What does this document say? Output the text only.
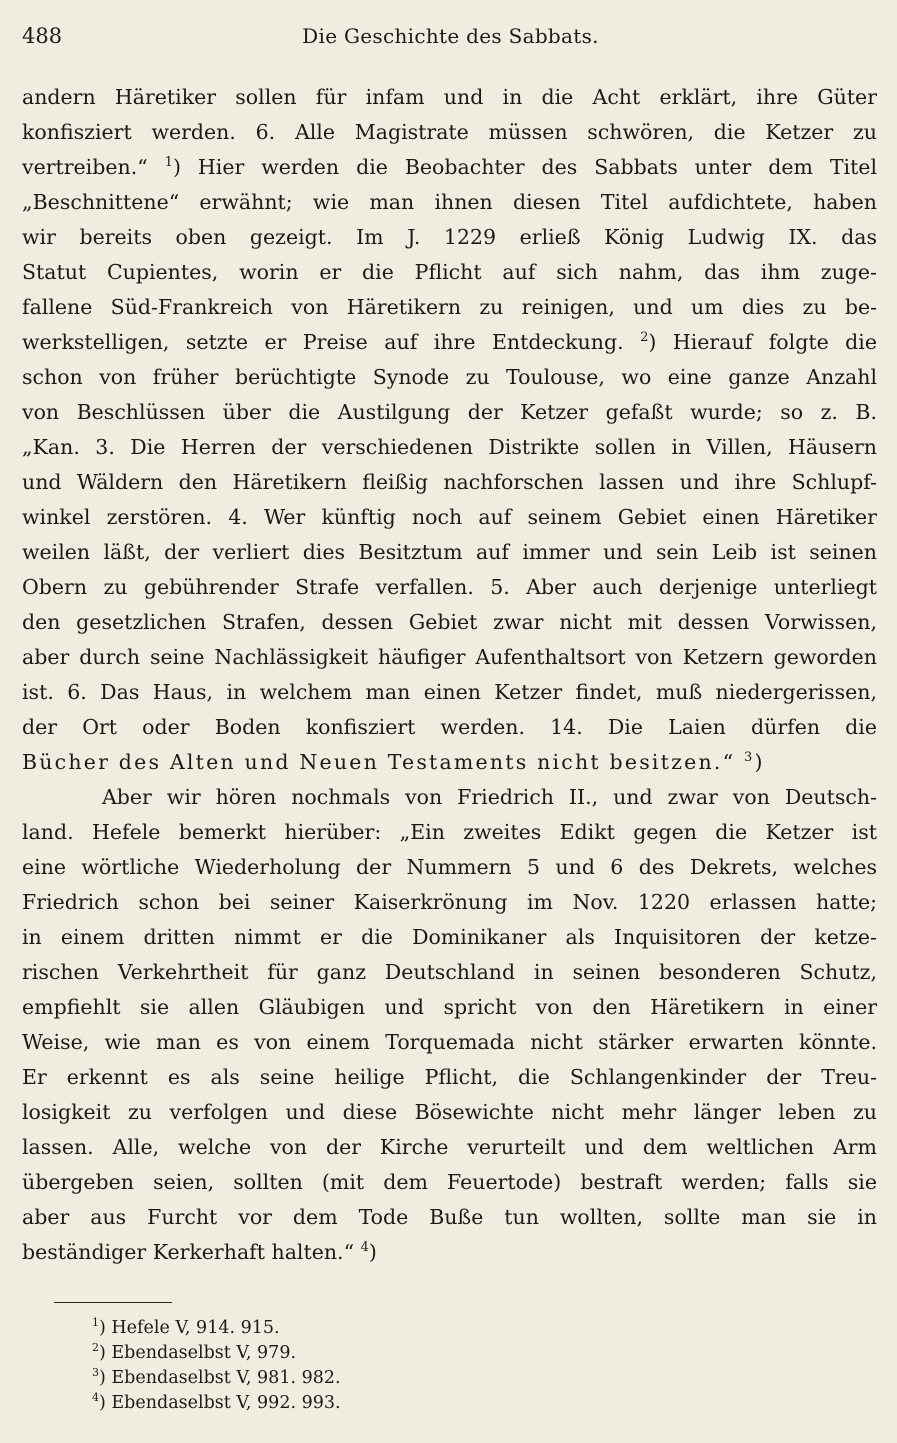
488	Die Geschichte des Sabbats.
andern Häretiker sollen für infam und in die Acht erklärt, ihre Güter
konfisziert werden. 6. Alle Magistrate müssen schwören, die Ketzer zu
vertreiben.“ $^1$) Hier werden die Beobachter des Sabbats unter dem Titel
„Beschnittene“ erwähnt; wie man ihnen diesen Titel aufdichtete, haben
wir bereits oben gezeigt. Im J. 1229 erließ König Ludwig IX. das
Statut Cupientes, worin er die Pflicht auf sich nahm, das ihm zuge-
fallene Süd-Frankreich von Häretikern zu reinigen, und um dies zu be-
werkstelligen, setzte er Preise auf ihre Entdeckung. $^2$) Hierauf folgte die
schon von früher berüchtigte Synode zu Toulouse, wo eine ganze Anzahl
von Beschlüssen über die Austilgung der Ketzer gefaßt wurde; so z. B.
„Kan. 3. Die Herren der verschiedenen Distrikte sollen in Villen, Häusern
und Wäldern den Häretikern fleißig nachforschen lassen und ihre Schlupf-
winkel zerstören. 4. Wer künftig noch auf seinem Gebiet einen Häretiker
weilen läßt, der verliert dies Besitztum auf immer und sein Leib ist seinen
Obern zu gebührender Strafe verfallen. 5. Aber auch derjenige unterliegt
den gesetzlichen Strafen, dessen Gebiet zwar nicht mit dessen Vorwissen,
aber durch seine Nachlässigkeit häufiger Aufenthaltsort von Ketzern geworden
ist. 6. Das Haus, in welchem man einen Ketzer findet, muß niedergerissen,
der Ort oder Boden konfisziert werden. 14. Die Laien dürfen die
Bücher des Alten und Neuen Testaments nicht besitzen.“ $^3$)
Aber wir hören nochmals von Friedrich II., und zwar von Deutsch-
land. Hefele bemerkt hierüber: „Ein zweites Edikt gegen die Ketzer ist
eine wörtliche Wiederholung der Nummern 5 und 6 des Dekrets, welches
Friedrich schon bei seiner Kaiserkrönung im Nov. 1220 erlassen hatte;
in einem dritten nimmt er die Dominikaner als Inquisitoren der ketze-
rischen Verkehrtheit für ganz Deutschland in seinen besonderen Schutz,
empfiehlt sie allen Gläubigen und spricht von den Häretikern in einer
Weise, wie man es von einem Torquemada nicht stärker erwarten könnte.
Er erkennt es als seine heilige Pflicht, die Schlangenkinder der Treu-
losigkeit zu verfolgen und diese Bösewichte nicht mehr länger leben zu
lassen. Alle, welche von der Kirche verurteilt und dem weltlichen Arm
übergeben seien, sollten (mit dem Feuertode) bestraft werden; falls sie
aber aus Furcht vor dem Tode Buße tun wollten, sollte man sie in
beständiger Kerkerhaft halten.“ $^4$)
$^1$) Hefele V, 914. 915.
$^2$) Ebendaselbst V, 979.
$^3$) Ebendaselbst V, 981. 982.
$^4$) Ebendaselbst V, 992. 993.
